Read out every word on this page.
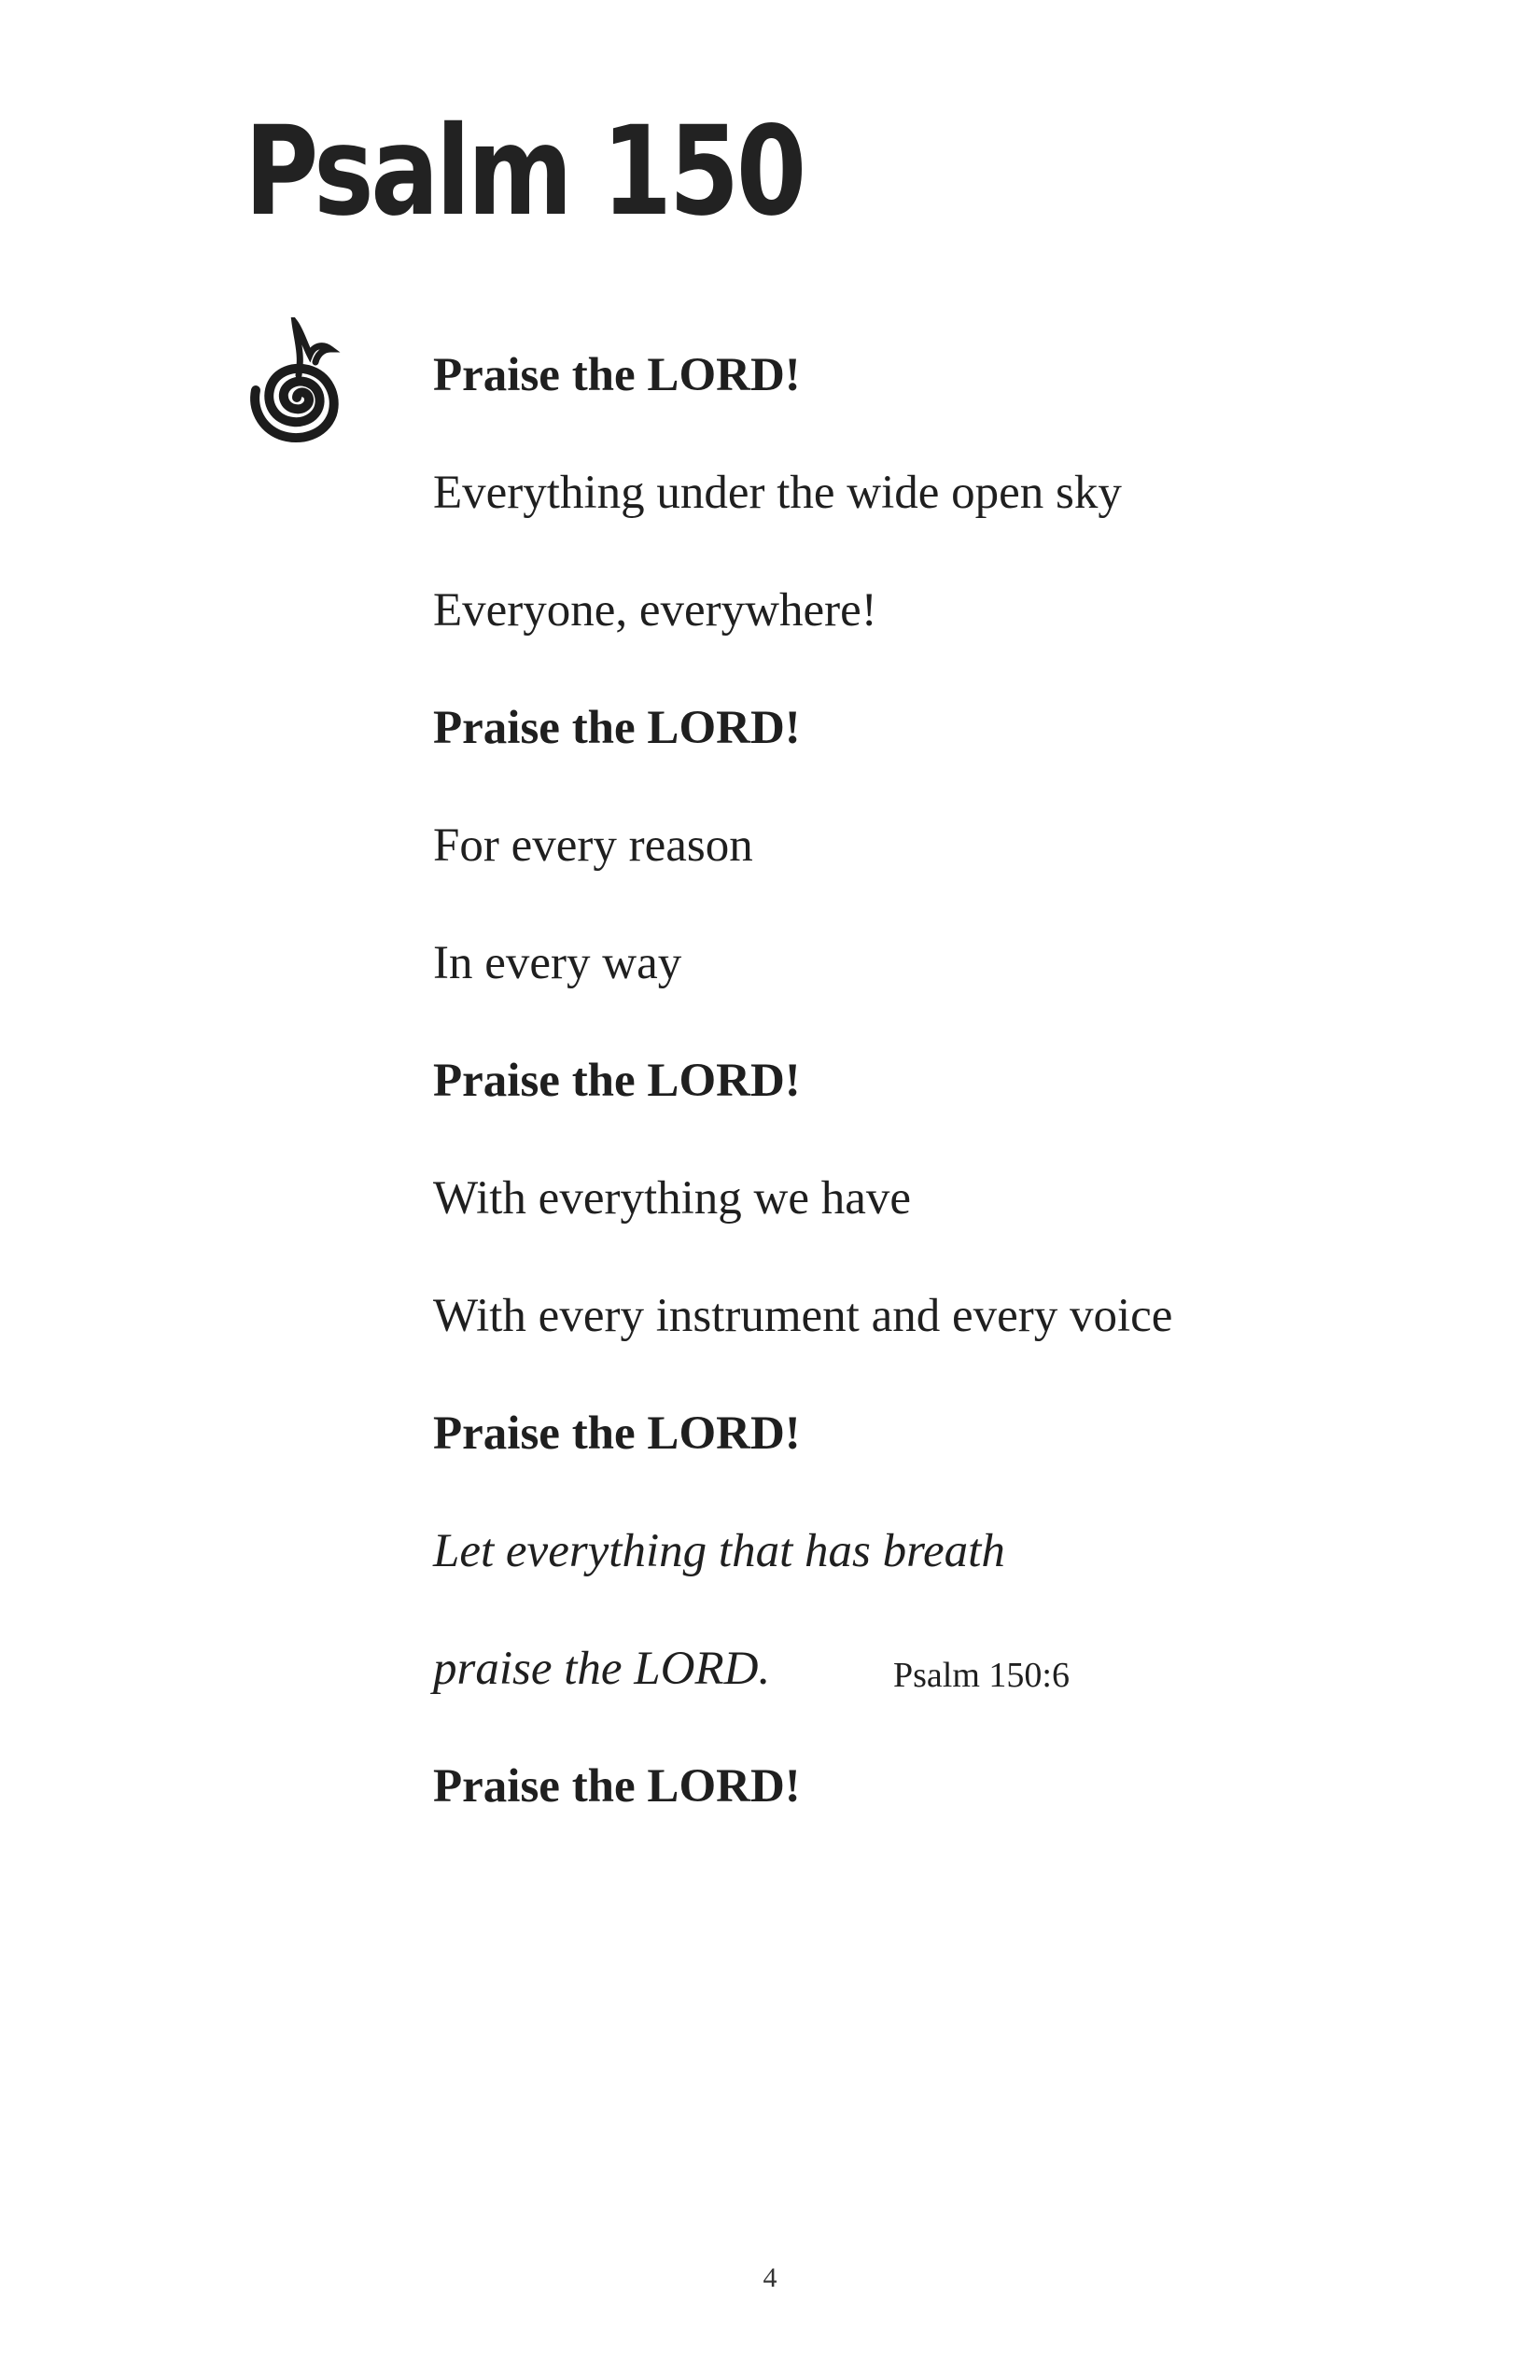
Psalm 150

Praise the LORD!

Everything under the wide open sky

Everyone, everywhere!

Praise the LORD!

For every reason

In every way

Praise the LORD!

With everything we have

With every instrument and every voice

Praise the LORD!

Let everything that has breath

praise the LORD.	Psalm 150:6

Praise the LORD!

4
